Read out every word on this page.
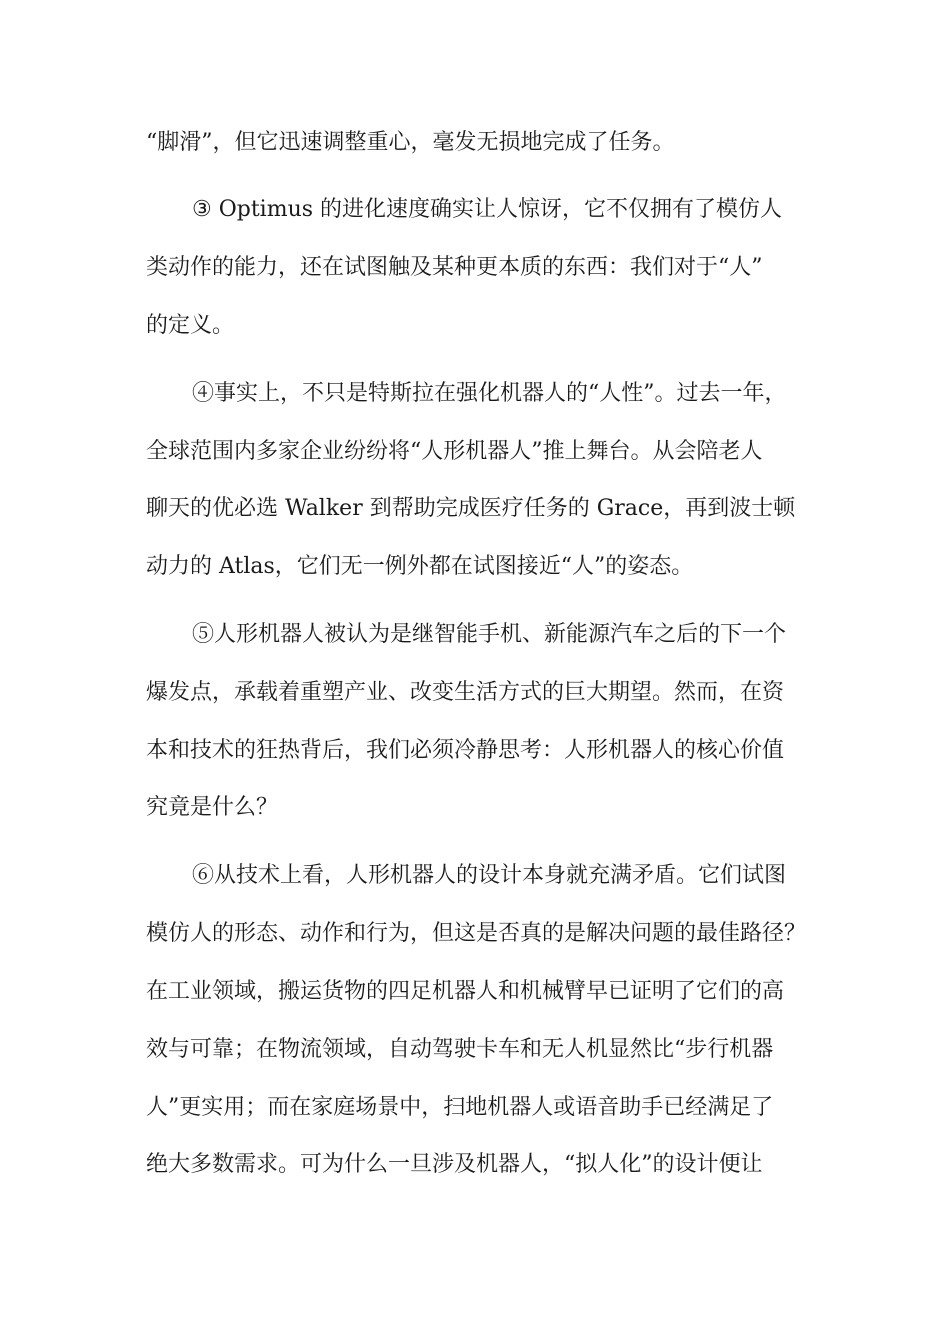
“脚滑”，但它迅速调整重心，毫发无损地完成了任务。
③ Optimus 的进化速度确实让人惊讶，它不仅拥有了模仿人
类动作的能力，还在试图触及某种更本质的东西：我们对于“人”
的定义。
④事实上，不只是特斯拉在强化机器人的“人性”。过去一年，
全球范围内多家企业纷纷将“人形机器人”推上舞台。从会陪老人
聊天的优必选 Walker 到帮助完成医疗任务的 Grace，再到波士顿
动力的 Atlas，它们无一例外都在试图接近“人”的姿态。
⑤人形机器人被认为是继智能手机、新能源汽车之后的下一个
爆发点，承载着重塑产业、改变生活方式的巨大期望。然而，在资
本和技术的狂热背后，我们必须冷静思考：人形机器人的核心价值
究竟是什么？
⑥从技术上看，人形机器人的设计本身就充满矛盾。它们试图
模仿人的形态、动作和行为，但这是否真的是解决问题的最佳路径？
在工业领域，搬运货物的四足机器人和机械臂早已证明了它们的高
效与可靠；在物流领域，自动驾驶卡车和无人机显然比“步行机器
人”更实用；而在家庭场景中，扫地机器人或语音助手已经满足了
绝大多数需求。可为什么一旦涉及机器人，“拟人化”的设计便让
